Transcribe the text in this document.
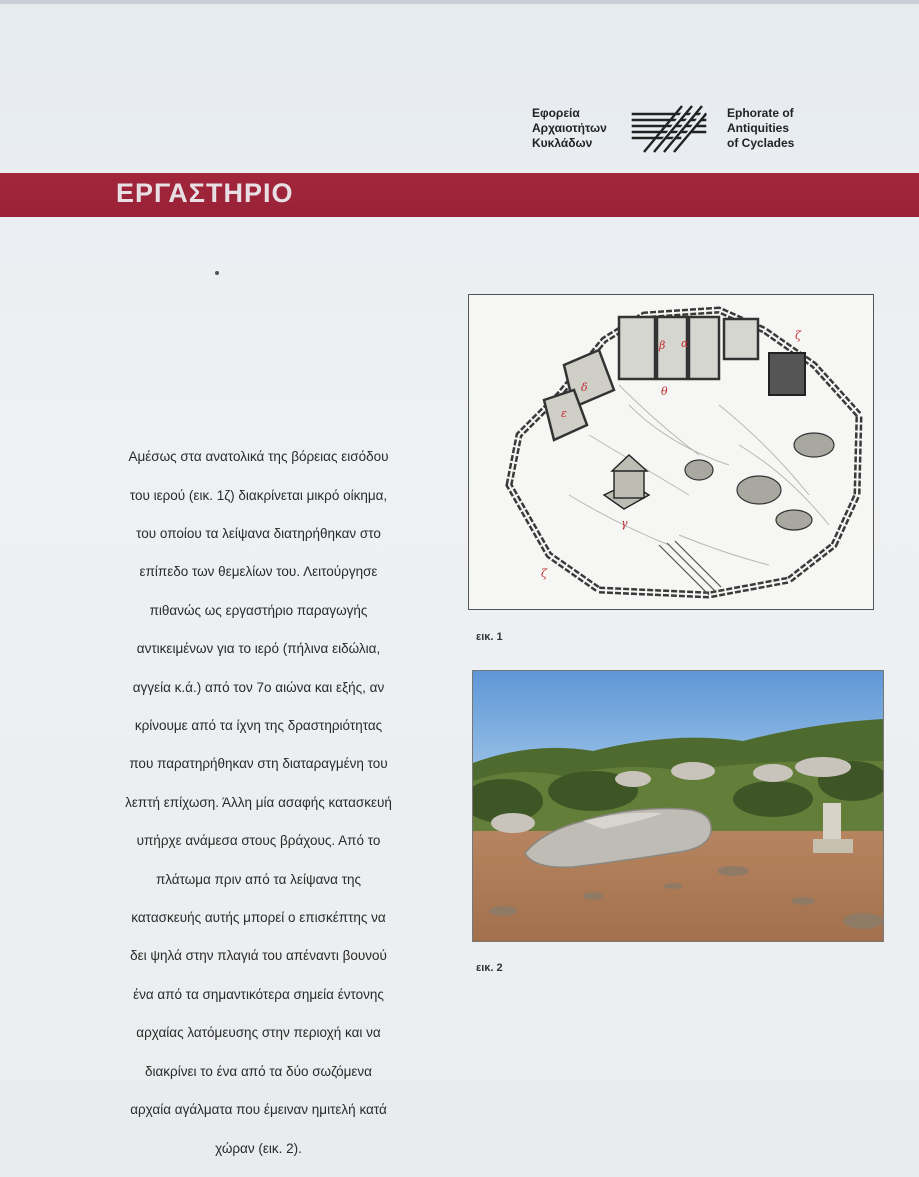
Εφορεία
Αρχαιοτήτων
Κυκλάδων
Ephorate of
Antiquities
of Cyclades
ΕΡΓΑΣΤΗΡΙΟ

Αμέσως στα ανατολικά της βόρειας εισόδου

του ιερού (εικ. 1ζ) διακρίνεται μικρό οίκημα,

του οποίου τα λείψανα διατηρήθηκαν στο

επίπεδο των θεμελίων του. Λειτούργησε

πιθανώς ως εργαστήριο παραγωγής

αντικειμένων για το ιερό (πήλινα ειδώλια,

αγγεία κ.ά.) από τον 7ο αιώνα και εξής, αν

κρίνουμε από τα ίχνη της δραστηριότητας

που παρατηρήθηκαν στη διαταραγμένη του

λεπτή επίχωση. Άλλη μία ασαφής κατασκευή

υπήρχε ανάμεσα στους βράχους. Από το

πλάτωμα πριν από τα λείψανα της

κατασκευής αυτής μπορεί ο επισκέπτης να

δει ψηλά στην πλαγιά του απέναντι βουνού

ένα από τα σημαντικότερα σημεία έντονης

αρχαίας λατόμευσης στην περιοχή και να

διακρίνει το ένα από τα δύο σωζόμενα

αρχαία αγάλματα που έμειναν ημιτελή κατά

χώραν (εικ. 2).

β α
θ
δ
ε
ζ
γ
ζ
εικ. 1
εικ. 2
